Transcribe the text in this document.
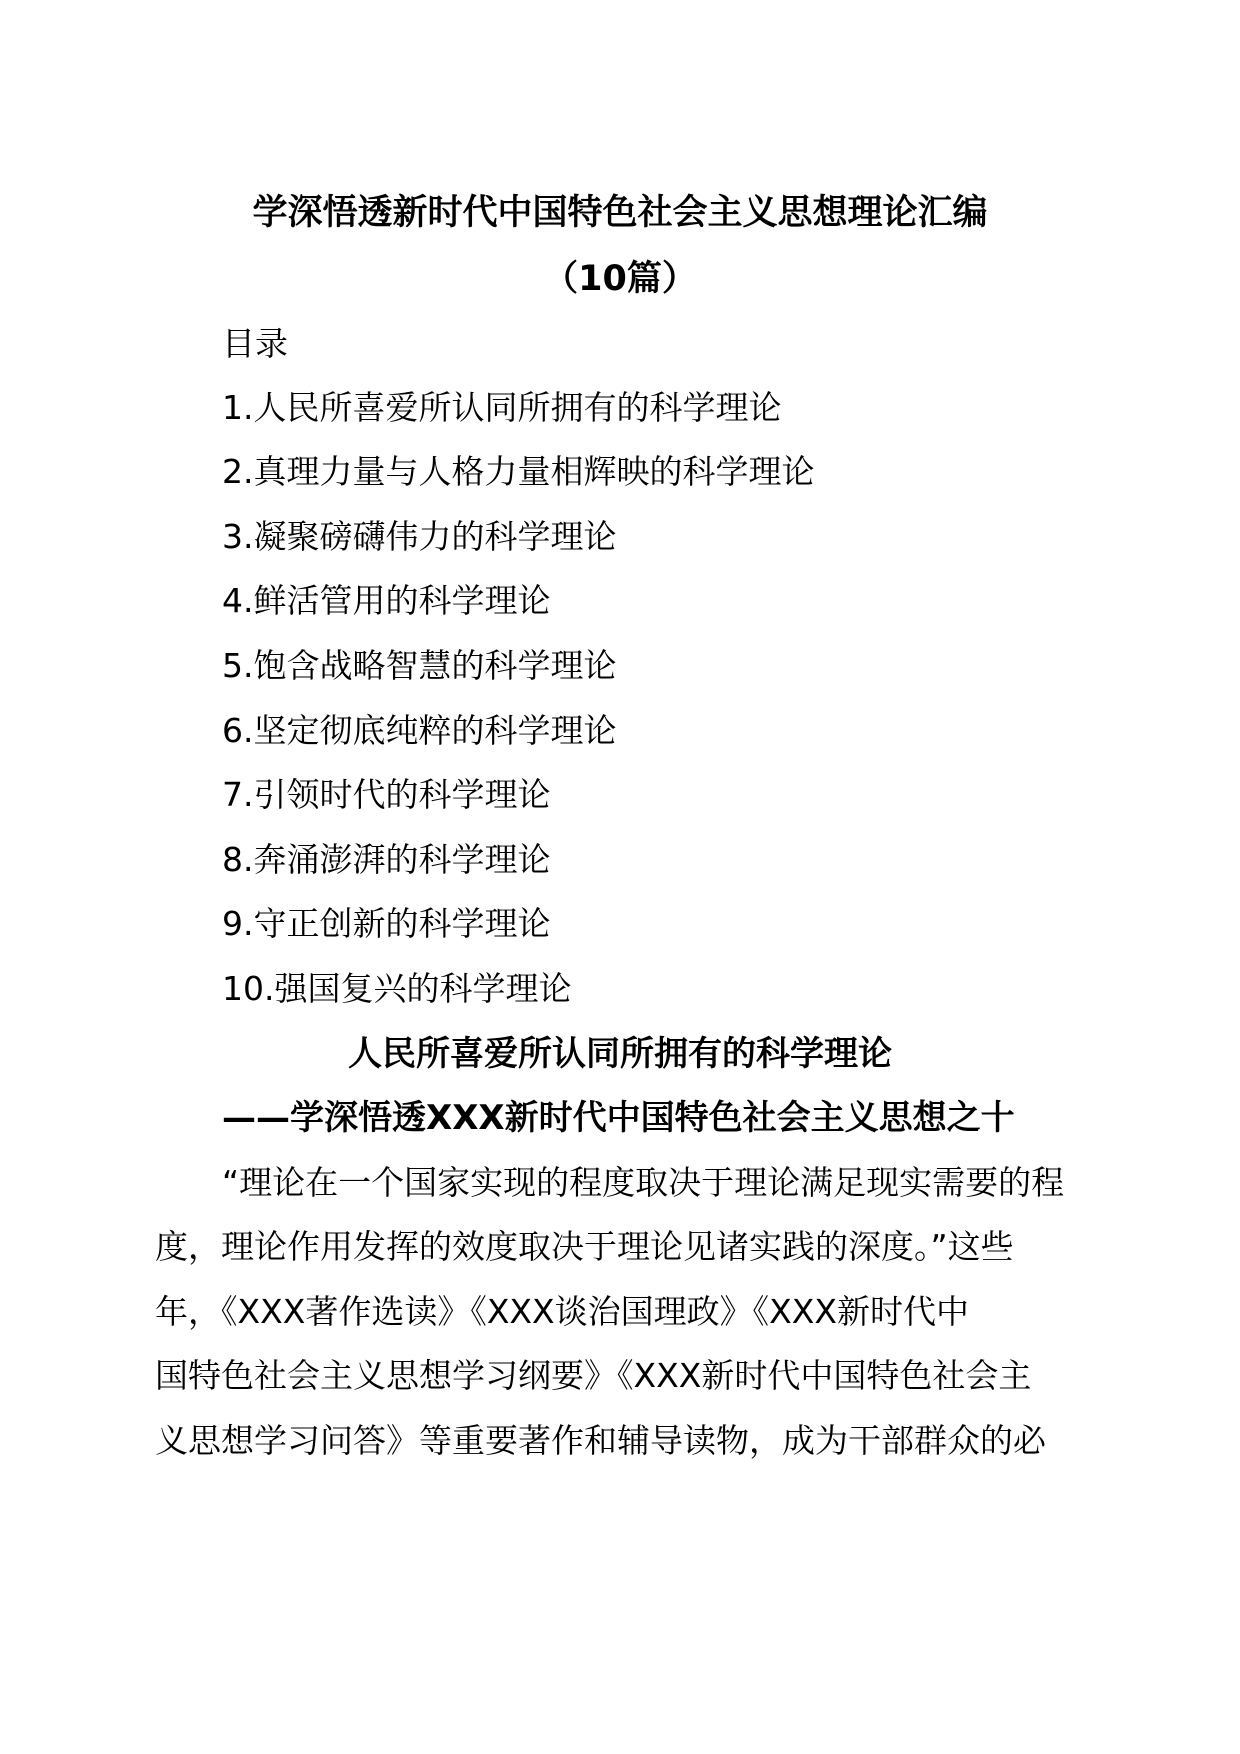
学深悟透新时代中国特色社会主义思想理论汇编
（10篇）
目录
1.人民所喜爱所认同所拥有的科学理论
2.真理力量与人格力量相辉映的科学理论
3.凝聚磅礴伟力的科学理论
4.鲜活管用的科学理论
5.饱含战略智慧的科学理论
6.坚定彻底纯粹的科学理论
7.引领时代的科学理论
8.奔涌澎湃的科学理论
9.守正创新的科学理论
10.强国复兴的科学理论
人民所喜爱所认同所拥有的科学理论
——学深悟透XXX新时代中国特色社会主义思想之十
“理论在一个国家实现的程度取决于理论满足现实需要的程
度，理论作用发挥的效度取决于理论见诸实践的深度。”这些
年，《XXX著作选读》《XXX谈治国理政》《XXX新时代中
国特色社会主义思想学习纲要》《XXX新时代中国特色社会主
义思想学习问答》等重要著作和辅导读物，成为干部群众的必
